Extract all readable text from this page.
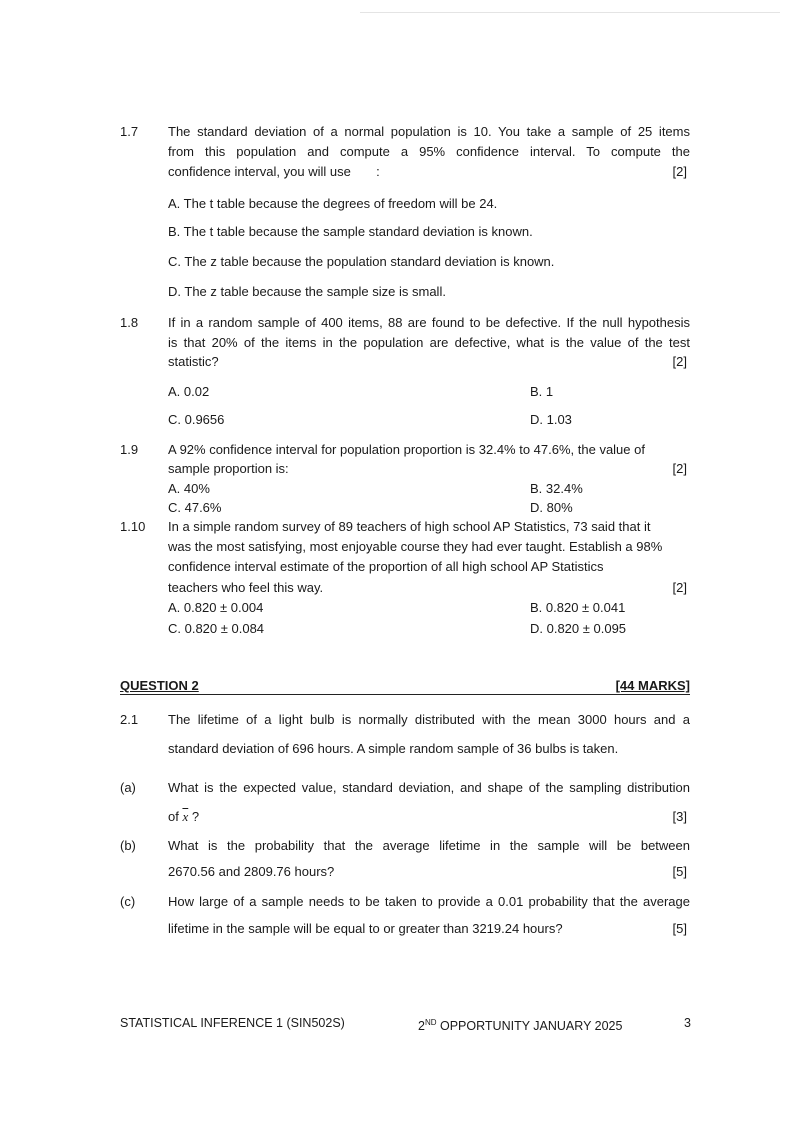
1.7 The standard deviation of a normal population is 10. You take a sample of 25 items
from this population and compute a 95% confidence interval. To compute the
confidence interval, you will use       :	[2]
A. The t table because the degrees of freedom will be 24.
B. The t table because the sample standard deviation is known.
C. The z table because the population standard deviation is known.
D. The z table because the sample size is small.
1.8 If in a random sample of 400 items, 88 are found to be defective. If the null hypothesis
is that 20% of the items in the population are defective, what is the value of the test
statistic?	[2]
A. 0.02	B. 1
C. 0.9656	D. 1.03
1.9 A 92% confidence interval for population proportion is 32.4% to 47.6%, the value of
sample proportion is:	[2]
A. 40%	B. 32.4%
C. 47.6%	D. 80%
1.10 In a simple random survey of 89 teachers of high school AP Statistics, 73 said that it
was the most satisfying, most enjoyable course they had ever taught. Establish a 98%
confidence interval estimate of the proportion of all high school AP Statistics
teachers who feel this way.	[2]
A. 0.820 ± 0.004	B. 0.820 ± 0.041
C. 0.820 ± 0.084	D. 0.820 ± 0.095
QUESTION 2	[44 MARKS]
2.1 The lifetime of a light bulb is normally distributed with the mean 3000 hours and a
standard deviation of 696 hours. A simple random sample of 36 bulbs is taken.
(a) What is the expected value, standard deviation, and shape of the sampling distribution
of $\overline{x}$ ?	[3]
(b) What is the probability that the average lifetime in the sample will be between
2670.56 and 2809.76 hours?	[5]
(c)	How large of a sample needs to be taken to provide a 0.01 probability that the average
lifetime in the sample will be equal to or greater than 3219.24 hours?	[5]
STATISTICAL INFERENCE 1 (SIN502S)	2ND OPPORTUNITY JANUARY 2025	3
